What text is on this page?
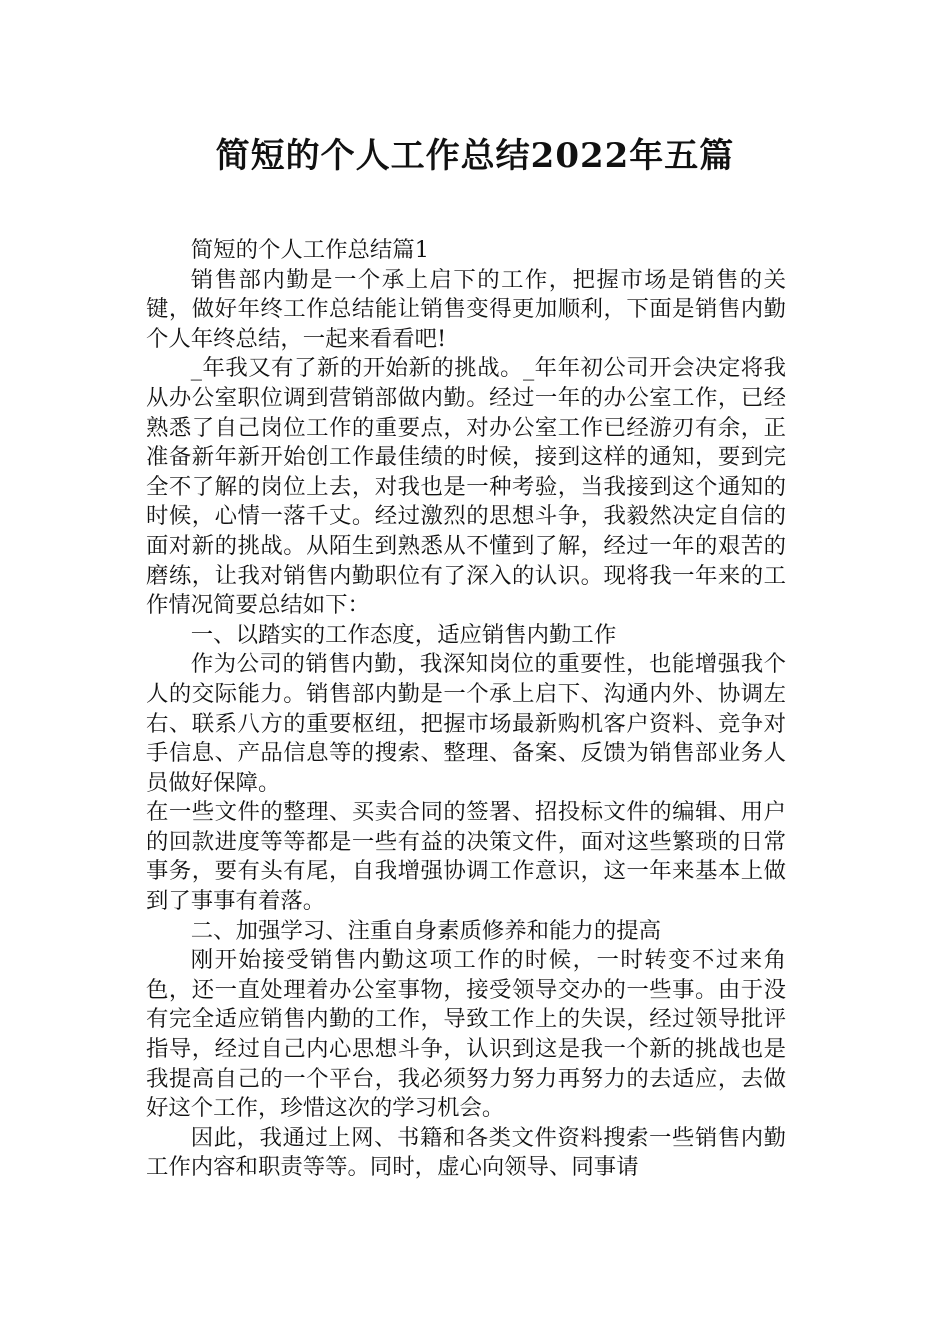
简短的个人工作总结2022年五篇

简短的个人工作总结篇1

销售部内勤是一个承上启下的工作，把握市场是销售的关键，做好年终工作总结能让销售变得更加顺利，下面是销售内勤个人年终总结，一起来看看吧!

_年我又有了新的开始新的挑战。_年年初公司开会决定将我从办公室职位调到营销部做内勤。经过一年的办公室工作，已经熟悉了自己岗位工作的重要点，对办公室工作已经游刃有余，正准备新年新开始创工作最佳绩的时候，接到这样的通知，要到完全不了解的岗位上去，对我也是一种考验，当我接到这个通知的时候，心情一落千丈。经过激烈的思想斗争，我毅然决定自信的面对新的挑战。从陌生到熟悉从不懂到了解，经过一年的艰苦的磨练，让我对销售内勤职位有了深入的认识。现将我一年来的工作情况简要总结如下：

一、以踏实的工作态度，适应销售内勤工作

作为公司的销售内勤，我深知岗位的重要性，也能增强我个人的交际能力。销售部内勤是一个承上启下、沟通内外、协调左右、联系八方的重要枢纽，把握市场最新购机客户资料、竞争对手信息、产品信息等的搜索、整理、备案、反馈为销售部业务人员做好保障。

在一些文件的整理、买卖合同的签署、招投标文件的编辑、用户的回款进度等等都是一些有益的决策文件，面对这些繁琐的日常事务，要有头有尾，自我增强协调工作意识，这一年来基本上做到了事事有着落。

二、加强学习、注重自身素质修养和能力的提高

刚开始接受销售内勤这项工作的时候，一时转变不过来角色，还一直处理着办公室事物，接受领导交办的一些事。由于没有完全适应销售内勤的工作，导致工作上的失误，经过领导批评指导，经过自己内心思想斗争，认识到这是我一个新的挑战也是我提高自己的一个平台，我必须努力努力再努力的去适应，去做好这个工作，珍惜这次的学习机会。

因此，我通过上网、书籍和各类文件资料搜索一些销售内勤工作内容和职责等等。同时，虚心向领导、同事请
